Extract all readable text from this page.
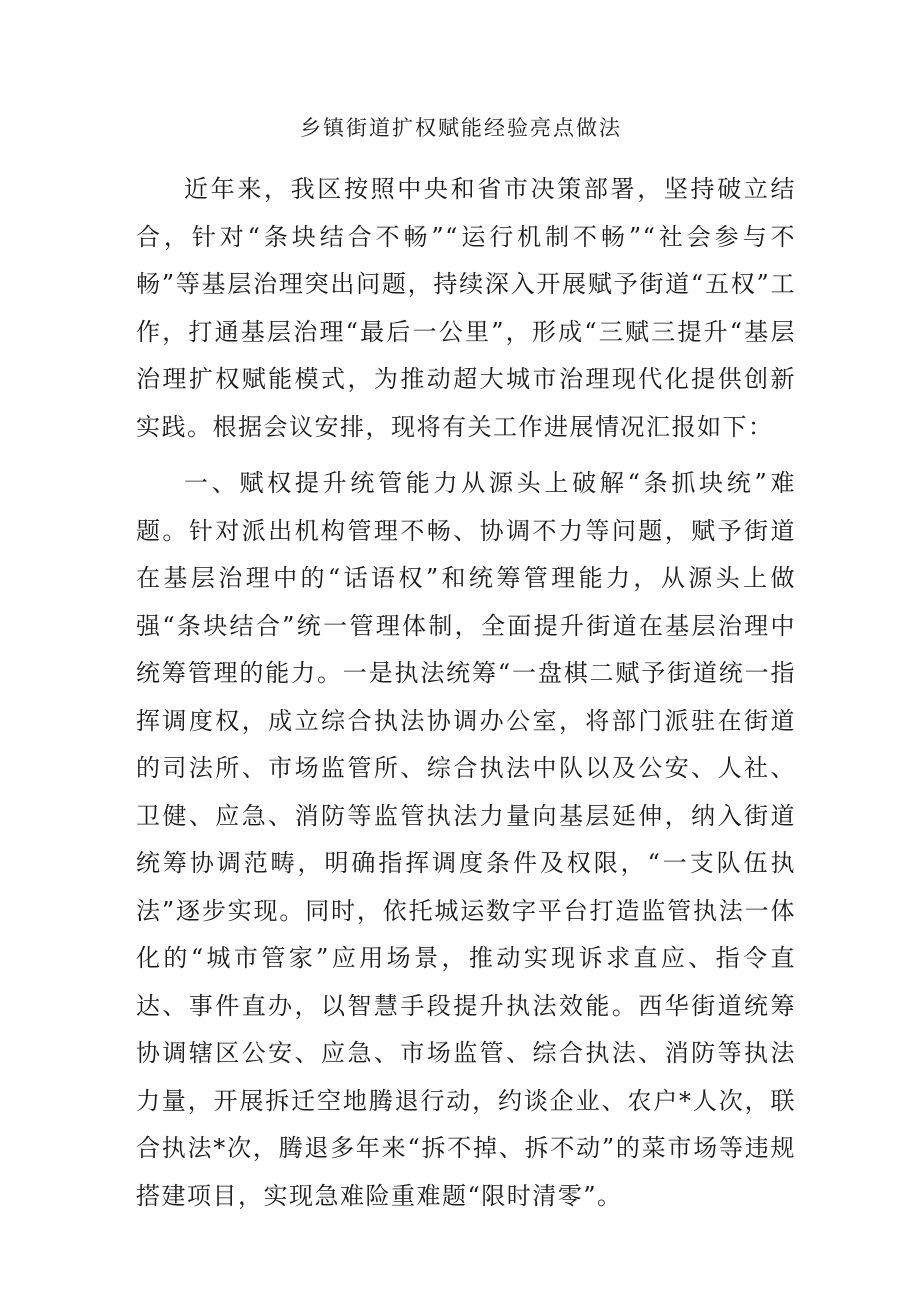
乡镇街道扩权赋能经验亮点做法

近年来，我区按照中央和省市决策部署，坚持破立结合，针对“条块结合不畅”“运行机制不畅”“社会参与不畅”等基层治理突出问题，持续深入开展赋予街道“五权”工作，打通基层治理“最后一公里”，形成“三赋三提升“基层治理扩权赋能模式，为推动超大城市治理现代化提供创新实践。根据会议安排，现将有关工作进展情况汇报如下：

一、赋权提升统管能力从源头上破解“条抓块统”难题。针对派出机构管理不畅、协调不力等问题，赋予街道在基层治理中的“话语权”和统筹管理能力，从源头上做强“条块结合”统一管理体制，全面提升街道在基层治理中统筹管理的能力。一是执法统筹“一盘棋二赋予街道统一指挥调度权，成立综合执法协调办公室，将部门派驻在街道的司法所、市场监管所、综合执法中队以及公安、人社、卫健、应急、消防等监管执法力量向基层延伸，纳入街道统筹协调范畴，明确指挥调度条件及权限，“一支队伍执法”逐步实现。同时，依托城运数字平台打造监管执法一体化的“城市管家”应用场景，推动实现诉求直应、指令直达、事件直办，以智慧手段提升执法效能。西华街道统筹协调辖区公安、应急、市场监管、综合执法、消防等执法力量，开展拆迁空地腾退行动，约谈企业、农户*人次，联合执法*次，腾退多年来“拆不掉、拆不动”的菜市场等违规搭建项目，实现急难险重难题“限时清零”。
